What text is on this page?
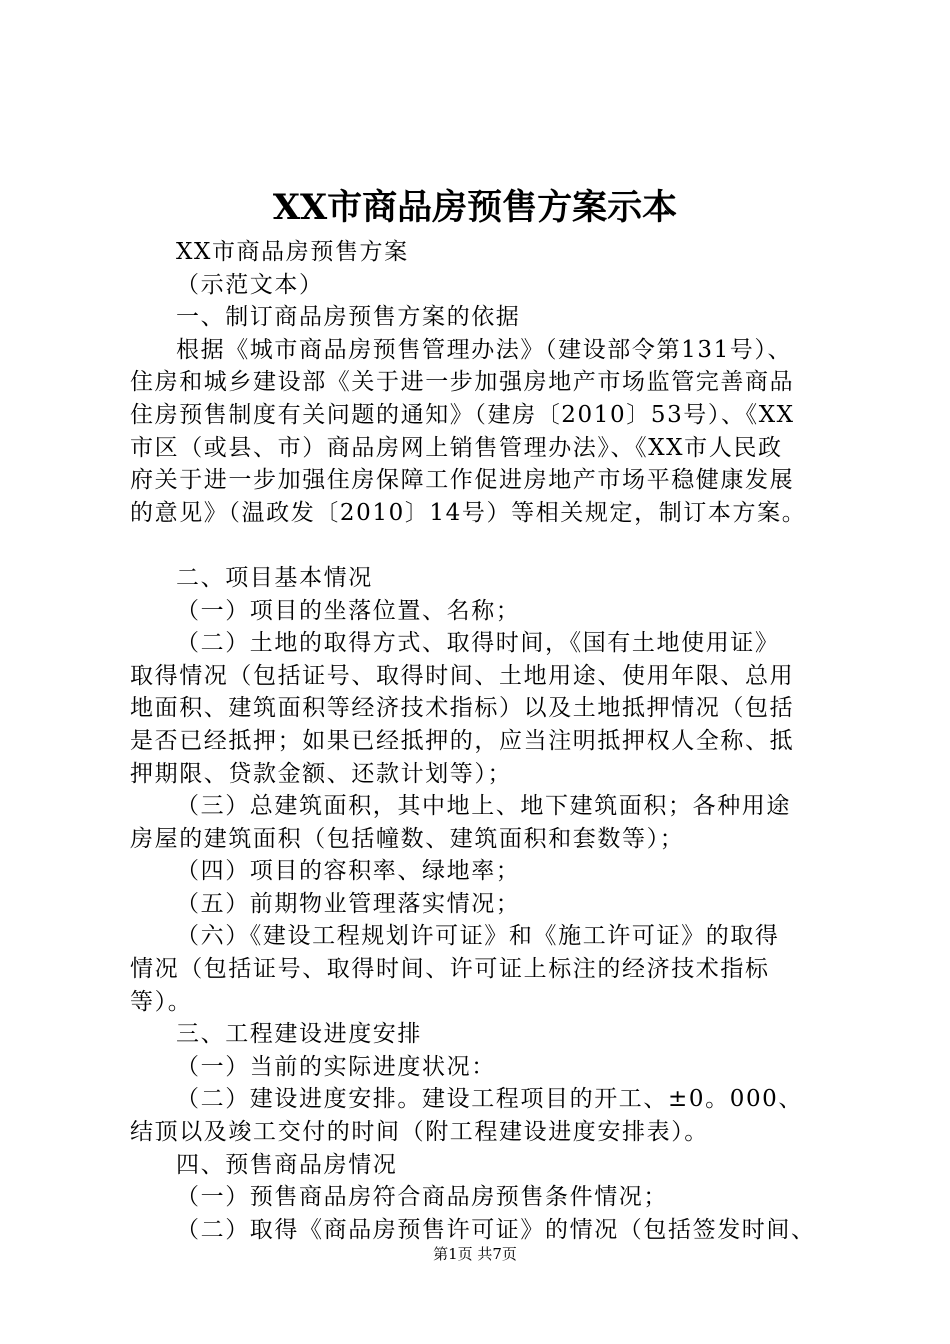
XX市商品房预售方案示本
XX市商品房预售方案
（示范文本）
一、制订商品房预售方案的依据
根据《城市商品房预售管理办法》（建设部令第131号）、
住房和城乡建设部《关于进一步加强房地产市场监管完善商品
住房预售制度有关问题的通知》（建房〔2010〕53号）、《XX
市区（或县、市）商品房网上销售管理办法》、《XX市人民政
府关于进一步加强住房保障工作促进房地产市场平稳健康发展
的意见》（温政发〔2010〕14号）等相关规定，制订本方案。
二、项目基本情况
（一）项目的坐落位置、名称；
（二）土地的取得方式、取得时间，《国有土地使用证》
取得情况（包括证号、取得时间、土地用途、使用年限、总用
地面积、建筑面积等经济技术指标）以及土地抵押情况（包括
是否已经抵押；如果已经抵押的，应当注明抵押权人全称、抵
押期限、贷款金额、还款计划等）；
（三）总建筑面积，其中地上、地下建筑面积；各种用途
房屋的建筑面积（包括幢数、建筑面积和套数等）；
（四）项目的容积率、绿地率；
（五）前期物业管理落实情况；
（六）《建设工程规划许可证》和《施工许可证》的取得
情况（包括证号、取得时间、许可证上标注的经济技术指标
等）。
三、工程建设进度安排
（一）当前的实际进度状况：
（二）建设进度安排。建设工程项目的开工、±0。000、
结顶以及竣工交付的时间（附工程建设进度安排表）。
四、预售商品房情况
（一）预售商品房符合商品房预售条件情况；
（二）取得《商品房预售许可证》的情况（包括签发时间、
第1页 共7页
